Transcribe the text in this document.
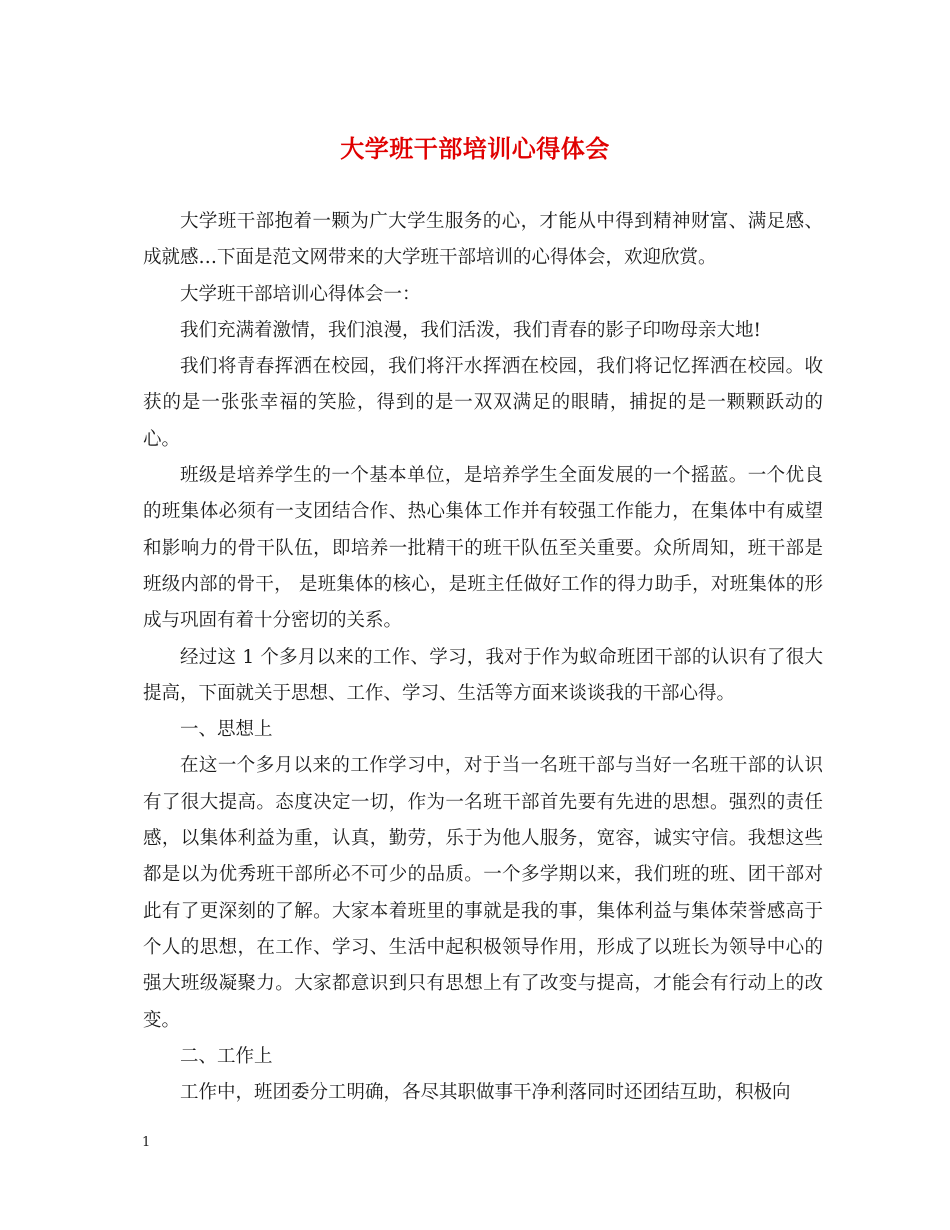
大学班干部培训心得体会

大学班干部抱着一颗为广大学生服务的心，才能从中得到精神财富、满足感、成就感…下面是范文网带来的大学班干部培训的心得体会，欢迎欣赏。

大学班干部培训心得体会一：

我们充满着激情，我们浪漫，我们活泼，我们青春的影子印吻母亲大地!

我们将青春挥洒在校园，我们将汗水挥洒在校园，我们将记忆挥洒在校园。收获的是一张张幸福的笑脸，得到的是一双双满足的眼睛，捕捉的是一颗颗跃动的心。

班级是培养学生的一个基本单位，是培养学生全面发展的一个摇蓝。一个优良的班集体必须有一支团结合作、热心集体工作并有较强工作能力，在集体中有威望和影响力的骨干队伍，即培养一批精干的班干队伍至关重要。众所周知，班干部是班级内部的骨干， 是班集体的核心，是班主任做好工作的得力助手，对班集体的形成与巩固有着十分密切的关系。

经过这 1 个多月以来的工作、学习，我对于作为蚁命班团干部的认识有了很大提高，下面就关于思想、工作、学习、生活等方面来谈谈我的干部心得。

一、思想上

在这一个多月以来的工作学习中，对于当一名班干部与当好一名班干部的认识有了很大提高。态度决定一切，作为一名班干部首先要有先进的思想。强烈的责任感，以集体利益为重，认真，勤劳，乐于为他人服务，宽容，诚实守信。我想这些都是以为优秀班干部所必不可少的品质。一个多学期以来，我们班的班、团干部对此有了更深刻的了解。大家本着班里的事就是我的事，集体利益与集体荣誉感高于个人的思想，在工作、学习、生活中起积极领导作用，形成了以班长为领导中心的强大班级凝聚力。大家都意识到只有思想上有了改变与提高，才能会有行动上的改变。

二、工作上

工作中，班团委分工明确，各尽其职做事干净利落同时还团结互助，积极向

1
